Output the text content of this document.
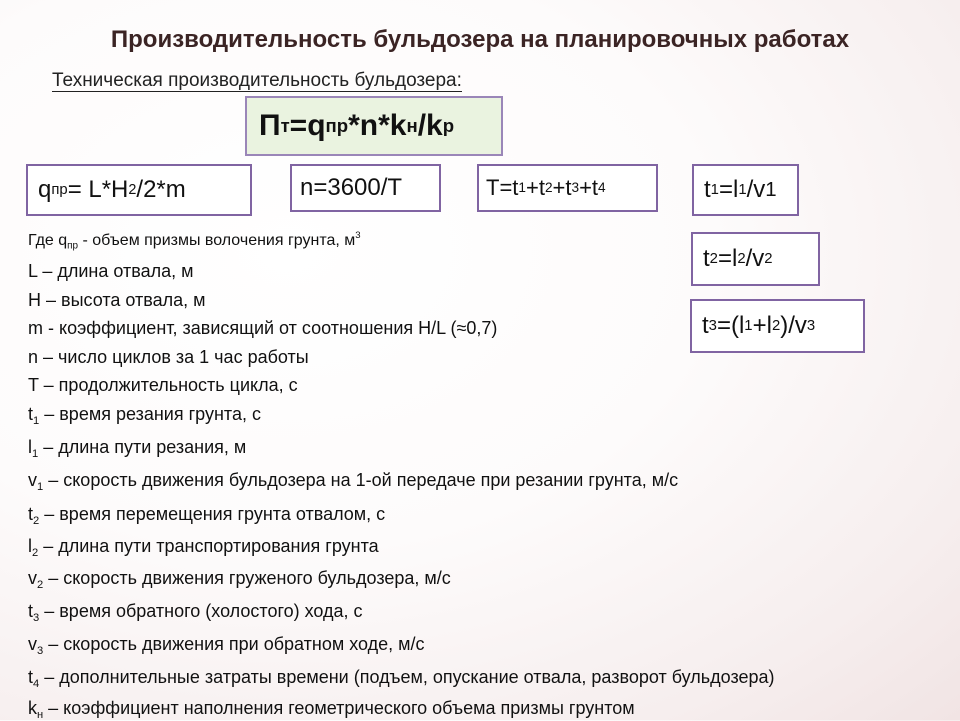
Производительность бульдозера на планировочных работах
Техническая производительность бульдозера:
П т = q пр *n*k н /k р
q пр = L*H 2 /2*m	n=3600/T	T=t 1 +t 2 +t 3 +t 4	t 1 =l 1 /v 1
t 2 =l 2 /v 2
t 3 =(l 1 +l 2 )/v 3
Где $q_{пр}$ - объем призмы волочения грунта, $м^3$
L – длина отвала, м
H – высота отвала, м
m - коэффициент, зависящий от соотношения H/L (≈0,7)
n – число циклов за 1 час работы
T – продолжительность цикла, с
$t_1$ – время резания грунта, с
$l_1$ – длина пути резания, м
$v_1$ – скорость движения бульдозера на 1-ой передаче при резании грунта, м/с
$t_2$ – время перемещения грунта отвалом, с
$l_2$ – длина пути транспортирования грунта
$v_2$ – скорость движения груженого бульдозера, м/с
$t_3$ – время обратного (холостого) хода, с
$v_3$ – скорость движения при обратном ходе, м/с
$t_4$ – дополнительные затраты времени (подъем, опускание отвала, разворот бульдозера)
$k_н$ – коэффициент наполнения геометрического объема призмы грунтом
